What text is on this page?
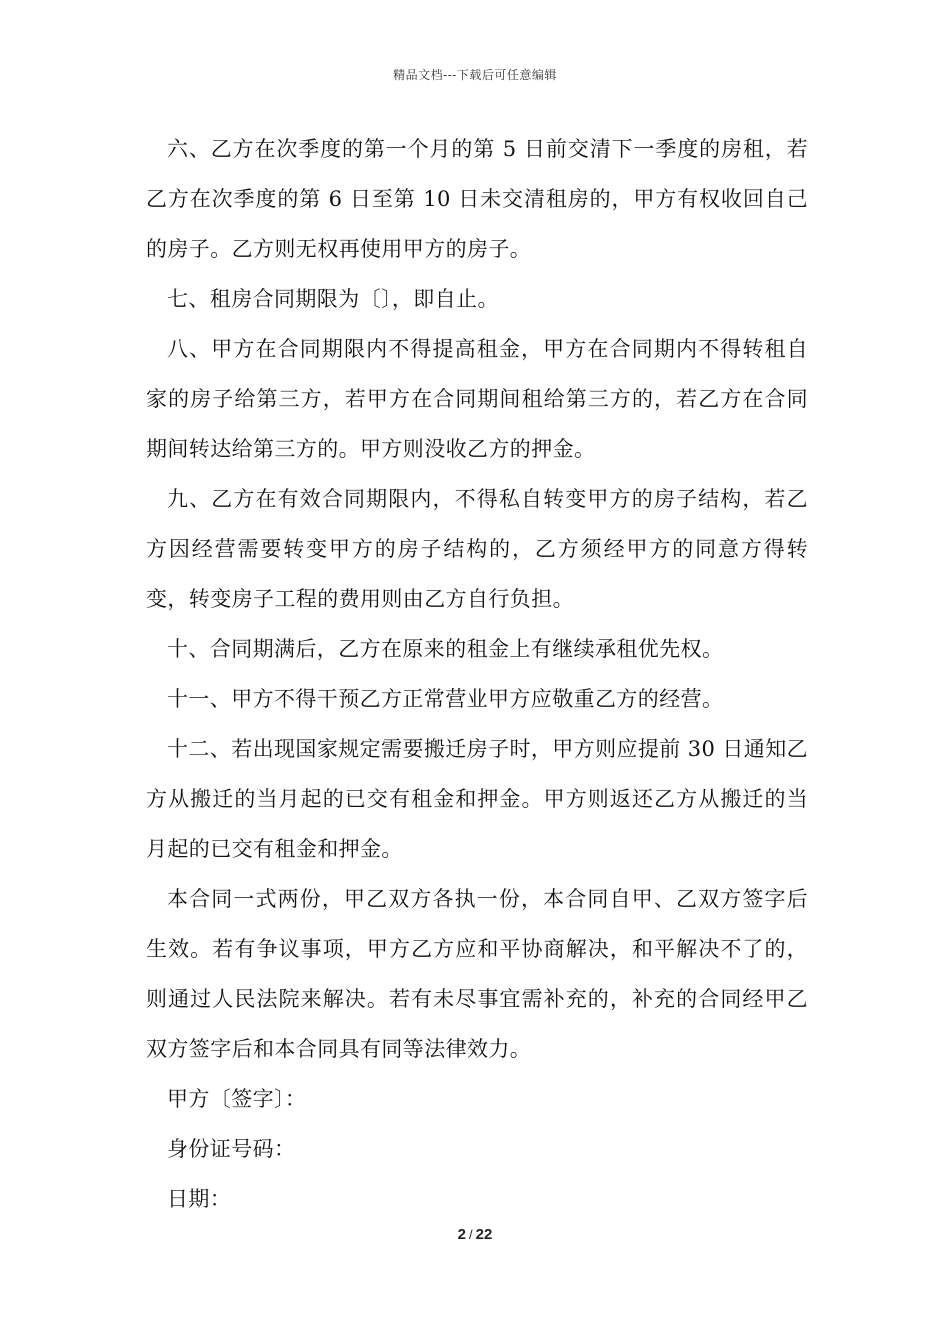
精品文档---下载后可任意编辑

六、乙方在次季度的第一个月的第 5 日前交清下一季度的房租，若乙方在次季度的第 6 日至第 10 日未交清租房的，甲方有权收回自己的房子。乙方则无权再使用甲方的房子。

七、租房合同期限为〔〕，即自止。

八、甲方在合同期限内不得提高租金，甲方在合同期内不得转租自家的房子给第三方，若甲方在合同期间租给第三方的，若乙方在合同期间转达给第三方的。甲方则没收乙方的押金。

九、乙方在有效合同期限内，不得私自转变甲方的房子结构，若乙方因经营需要转变甲方的房子结构的，乙方须经甲方的同意方得转变，转变房子工程的费用则由乙方自行负担。

十、合同期满后，乙方在原来的租金上有继续承租优先权。

十一、甲方不得干预乙方正常营业甲方应敬重乙方的经营。

十二、若出现国家规定需要搬迁房子时，甲方则应提前 30 日通知乙方从搬迁的当月起的已交有租金和押金。甲方则返还乙方从搬迁的当月起的已交有租金和押金。

本合同一式两份，甲乙双方各执一份，本合同自甲、乙双方签字后生效。若有争议事项，甲方乙方应和平协商解决，和平解决不了的，则通过人民法院来解决。若有未尽事宜需补充的，补充的合同经甲乙双方签字后和本合同具有同等法律效力。

甲方〔签字〕：

身份证号码：

日期：

2 / 22
